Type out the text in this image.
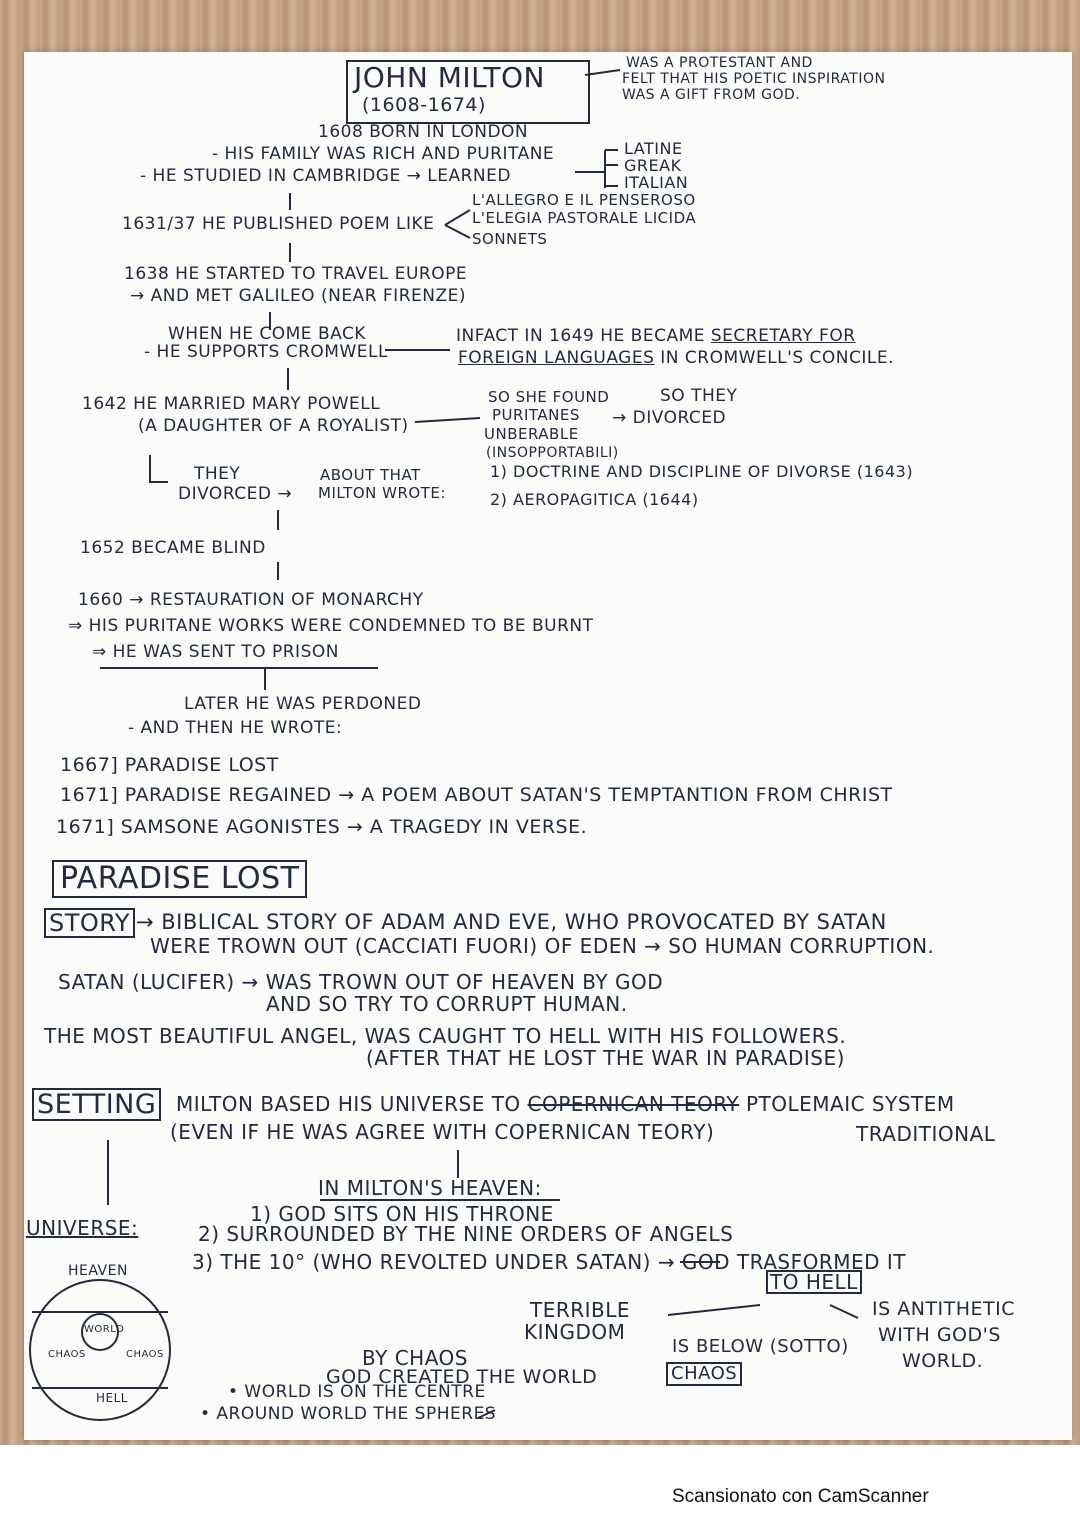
JOHN MILTON
(1608-1674)
WAS A PROTESTANT AND
FELT THAT HIS POETIC INSPIRATION
WAS A GIFT FROM GOD.
1608 BORN IN LONDON
- HIS FAMILY WAS RICH AND PURITANE
- HE STUDIED IN CAMBRIDGE → LEARNED
LATINE
GREAK
ITALIAN
1631/37 HE PUBLISHED POEM LIKE
L'ALLEGRO E IL PENSEROSO
L'ELEGIA PASTORALE LICIDA
SONNETS
1638 HE STARTED TO TRAVEL EUROPE
→ AND MET GALILEO (NEAR FIRENZE)
WHEN HE COME BACK
- HE SUPPORTS CROMWELL
INFACT IN 1649 HE BECAME SECRETARY FOR
FOREIGN LANGUAGES IN CROMWELL'S CONCILE.
1642 HE MARRIED MARY POWELL
(A DAUGHTER OF A ROYALIST)
SO SHE FOUND
PURITANES
UNBERABLE
(INSOPPORTABILI)
SO THEY
→ DIVORCED
THEY
DIVORCED →
ABOUT THAT
MILTON WROTE:
1) DOCTRINE AND DISCIPLINE OF DIVORSE (1643)
2) AEROPAGITICA (1644)
1652 BECAME BLIND
1660 → RESTAURATION OF MONARCHY
⇒ HIS PURITANE WORKS WERE CONDEMNED TO BE BURNT
⇒ HE WAS SENT TO PRISON
LATER HE WAS PERDONED
- AND THEN HE WROTE:
1667] PARADISE LOST
1671] PARADISE REGAINED → A POEM ABOUT SATAN'S TEMPTANTION FROM CHRIST
1671] SAMSONE AGONISTES → A TRAGEDY IN VERSE.
PARADISE LOST
STORY → BIBLICAL STORY OF ADAM AND EVE, WHO PROVOCATED BY SATAN
WERE TROWN OUT (CACCIATI FUORI) OF EDEN → SO HUMAN CORRUPTION.
SATAN (LUCIFER) → WAS TROWN OUT OF HEAVEN BY GOD
AND SO TRY TO CORRUPT HUMAN.
THE MOST BEAUTIFUL ANGEL, WAS CAUGHT TO HELL WITH HIS FOLLOWERS.
(AFTER THAT HE LOST THE WAR IN PARADISE)
SETTING MILTON BASED HIS UNIVERSE TO COPERNICAN TEORY PTOLEMAIC SYSTEM
(EVEN IF HE WAS AGREE WITH COPERNICAN TEORY)	TRADITIONAL
IN MILTON'S HEAVEN:
1) GOD SITS ON HIS THRONE
2) SURROUNDED BY THE NINE ORDERS OF ANGELS
3) THE 10° (WHO REVOLTED UNDER SATAN) → GOD TRASFORMED IT
TO HELL
TERRIBLE
KINGDOM
IS ANTITHETIC
WITH GOD'S
WORLD.
IS BELOW (SOTTO)
CHAOS
BY CHAOS
GOD CREATED THE WORLD
• WORLD IS ON THE CENTRE
• AROUND WORLD THE SPHERES
UNIVERSE:
HEAVEN
WORLD
CHAOS	CHAOS
HELL
Scansionato con CamScanner
